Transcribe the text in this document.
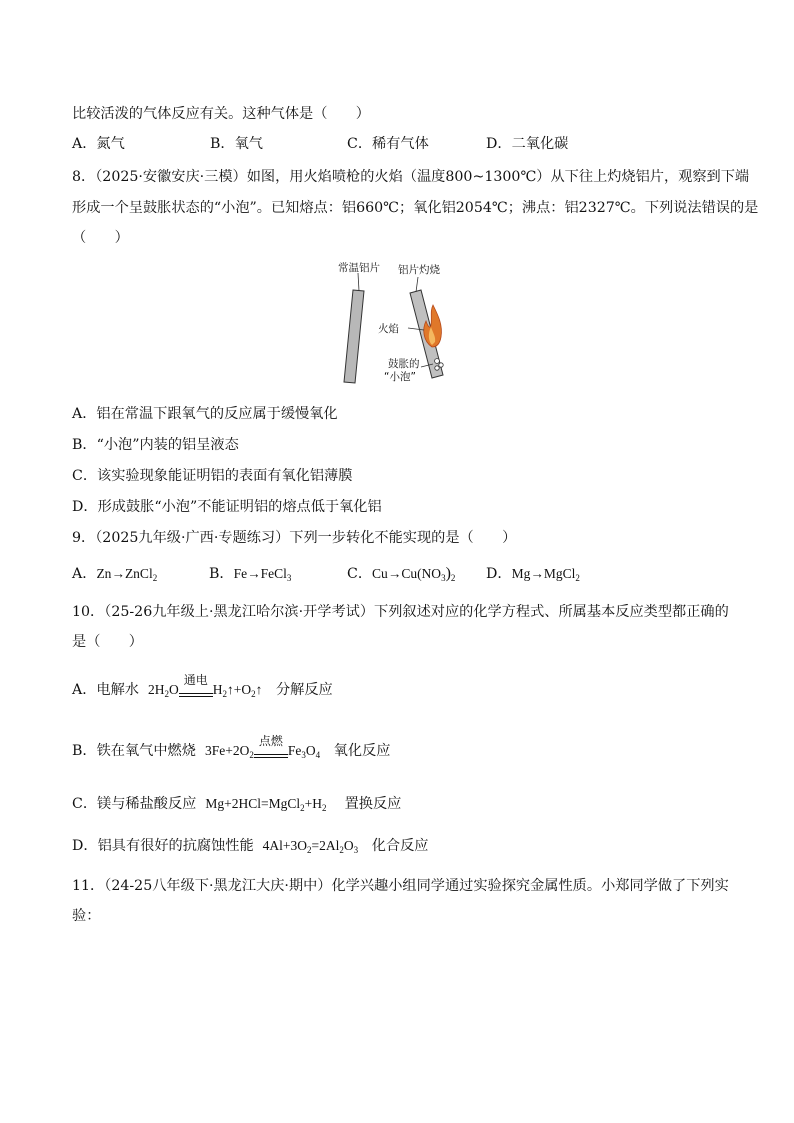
比较活泼的气体反应有关。这种气体是（　　）
A．氮气	B．氧气	C．稀有气体	D．二氧化碳
8．（2025·安徽安庆·三模）如图，用火焰喷枪的火焰（温度800~1300℃）从下往上灼烧铝片，观察到下端
形成一个呈鼓胀状态的“小泡”。已知熔点：铝660℃；氧化铝2054℃；沸点：铝2327℃。下列说法错误的是
（　　）
常温铝片 铝片灼烧
火焰
鼓胀的
“小泡”
A．铝在常温下跟氧气的反应属于缓慢氧化
B．“小泡”内装的铝呈液态
C．该实验现象能证明铝的表面有氧化铝薄膜
D．形成鼓胀“小泡”不能证明铝的熔点低于氧化铝
9．（2025九年级·广西·专题练习）下列一步转化不能实现的是（　　）
A．Zn→ZnCl$_2$	B．Fe→FeCl$_3$	C．$Cu\to Cu(NO_3)_2$ D．Mg→MgCl$_2$
10．（25-26九年级上·黑龙江哈尔滨·开学考试）下列叙述对应的化学方程式、所属基本反应类型都正确的
是（　　）
A．电解水 $2H_2O$
通电
$H_2↑+O_2↑$ 分解反应
B．铁在氧气中燃烧 $3Fe+2O_2$
点燃
$Fe_3O_4$ 氧化反应
C．镁与稀盐酸反应 $Mg+2HCl=MgCl_2+H_2$ 置换反应
D．铝具有很好的抗腐蚀性能 $4Al+3O_2=2Al_2O_3$ 化合反应
11．（24-25八年级下·黑龙江大庆·期中）化学兴趣小组同学通过实验探究金属性质。小郑同学做了下列实
验：
